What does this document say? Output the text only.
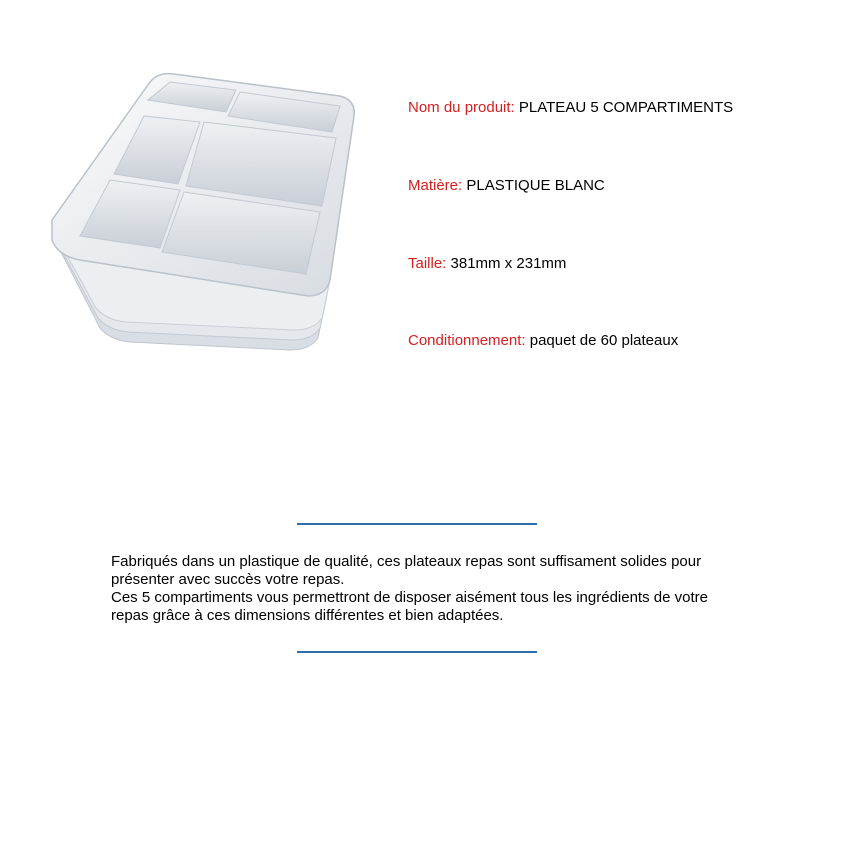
Nom du produit: PLATEAU 5 COMPARTIMENTS
Matière: PLASTIQUE BLANC
Taille: 381mm x 231mm
Conditionnement: paquet de 60 plateaux

Fabriqués dans un plastique de qualité, ces plateaux repas sont suffisament solides pour

présenter avec succès votre repas.

Ces 5 compartiments vous permettront de disposer aisément tous les ingrédients de votre

repas grâce à ces dimensions différentes et bien adaptées.
